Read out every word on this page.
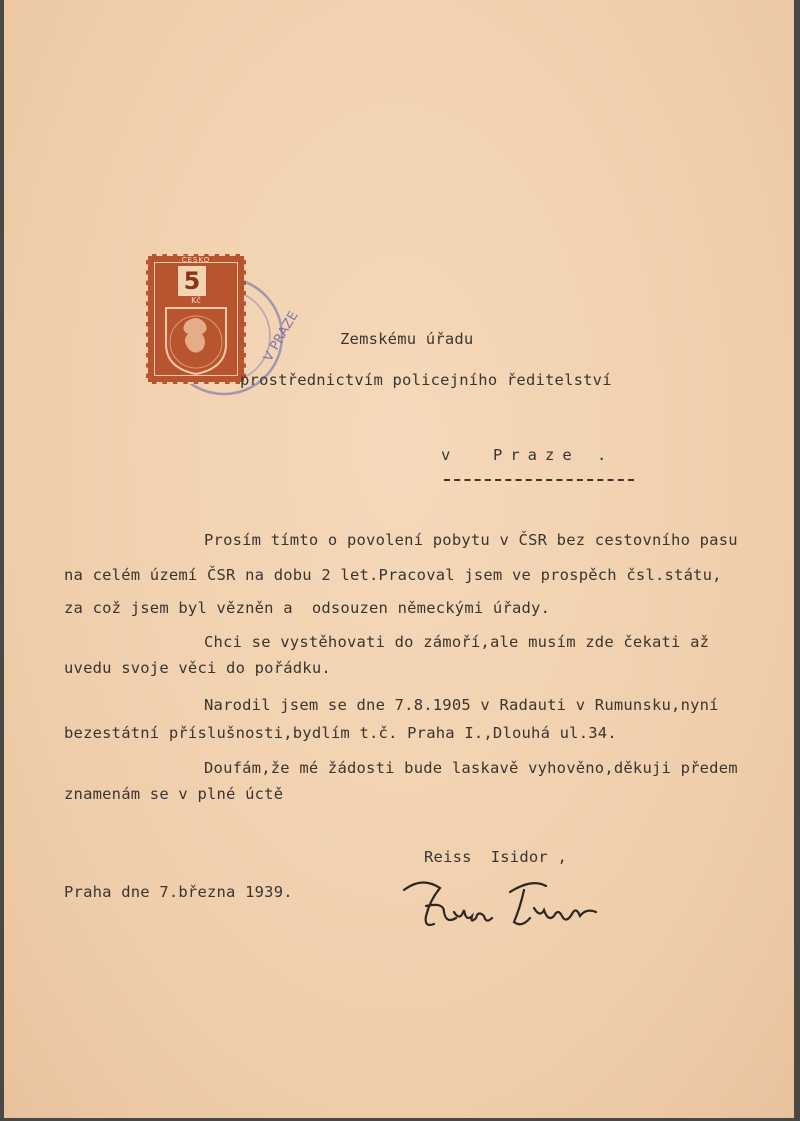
V PRAZE
ČESKO
5
Kč
Zemskému úřadu
prostřednictvím policejního ředitelství
v  Praze .
Prosím tímto o povolení pobytu v ČSR bez cestovního pasu
na celém území ČSR na dobu 2 let.Pracoval jsem ve prospěch čsl.státu,
za což jsem byl vězněn a  odsouzen německými úřady.
Chci se vystěhovati do zámoří,ale musím zde čekati až
uvedu svoje věci do pořádku.
Narodil jsem se dne 7.8.1905 v Radauti v Rumunsku,nyní
bezestátní příslušnosti,bydlím t.č. Praha I.,Dlouhá ul.34.
Doufám,že mé žádosti bude laskavě vyhověno,děkuji předem
znamenám se v plné úctě
Reiss  Isidor ,
Praha dne 7.března 1939.
